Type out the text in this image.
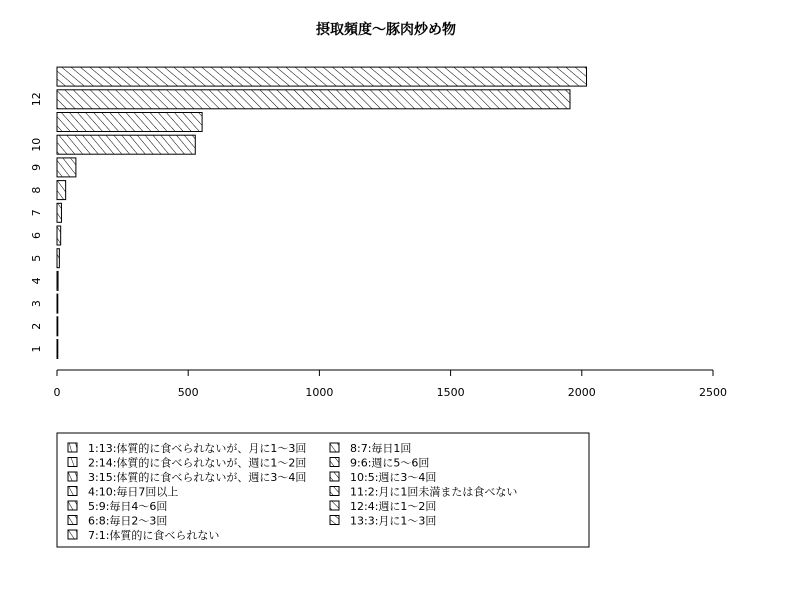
摂取頻度～豚肉炒め物
1
2
3
4
5
6
7
8
9
10
12
0	500	1000	1500	2000	2500
1:13:体質的に食べられないが、月に1～3回
2:14:体質的に食べられないが、週に1～2回
3:15:体質的に食べられないが、週に3～4回
4:10:毎日7回以上
5:9:毎日4～6回
6:8:毎日2～3回
7:1:体質的に食べられない
8:7:毎日1回
9:6:週に5～6回
10:5:週に3～4回
11:2:月に1回未満または食べない
12:4:週に1～2回
13:3:月に1～3回
